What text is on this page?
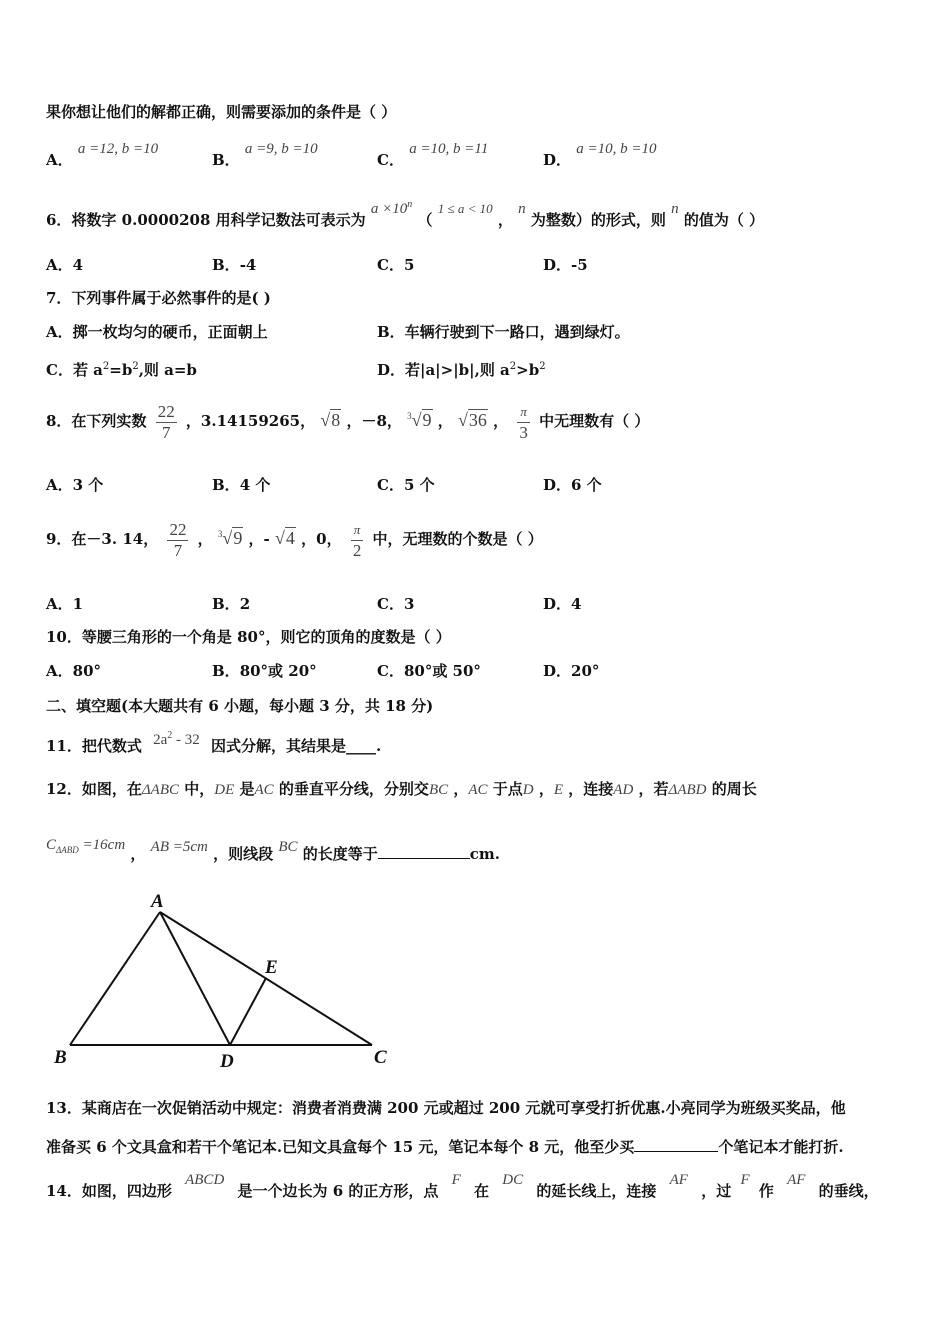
果你想让他们的解都正确，则需要添加的条件是（ ）
A． a =12, b =10
B． a =9, b =10
C． a =10, b =11
D． a =10, b =10
6．将数字 0.0000208 用科学记数法可表示为 $a \times 10^n$ （ 1 ≤ a < 10 ， n 为整数）的形式，则 n 的值为（ ）
A．4	B．-4	C．5	D．-5
7．下列事件属于必然事件的是( )
A．掷一枚均匀的硬币，正面朝上	B．车辆行驶到下一路口，遇到绿灯。
C．若 $a^2=b^2$,则 a=b	D．若|a|>|b|,则 $a^2>b^2$
8．在下列实数 $\frac{22}{7}$ ，3.14159265， √8 ，－8， $^3$√9 ， √36 ， $\frac{\pi}{3}$ 中无理数有（ ）
A．3 个	B．4 个	C．5 个	D．6 个
9．在－3. 14， $\frac{22}{7}$ ， $^3$√9 ，- √4 ，0， $\frac{\pi}{2}$ 中，无理数的个数是（ ）
A．1	B．2	C．3	D．4
10．等腰三角形的一个角是 80°，则它的顶角的度数是（ ）
A．80°	B．80°或 20°	C．80°或 50°	D．20°
二、填空题(本大题共有 6 小题，每小题 3 分，共 18 分)
11．把代数式 $2a^2 - 32$ 因式分解，其结果是____.
12．如图，在ΔABC 中，DE 是AC 的垂直平分线，分别交BC ，AC 于点D ，E ，连接AD ，若ΔABD 的周长
$C_{\Delta ABD} =16cm$ ， AB =5cm ，则线段 BC 的长度等于	cm.
A
B	C
D
E
13．某商店在一次促销活动中规定：消费者消费满 200 元或超过 200 元就可享受打折优惠.小亮同学为班级买奖品，他
准备买 6 个文具盒和若干个笔记本.已知文具盒每个 15 元，笔记本每个 8 元，他至少买	个笔记本才能打折.
14．如图，四边形 ABCD 是一个边长为 6 的正方形，点 F 在 DC 的延长线上，连接 AF ，过 F 作 AF 的垂线，
